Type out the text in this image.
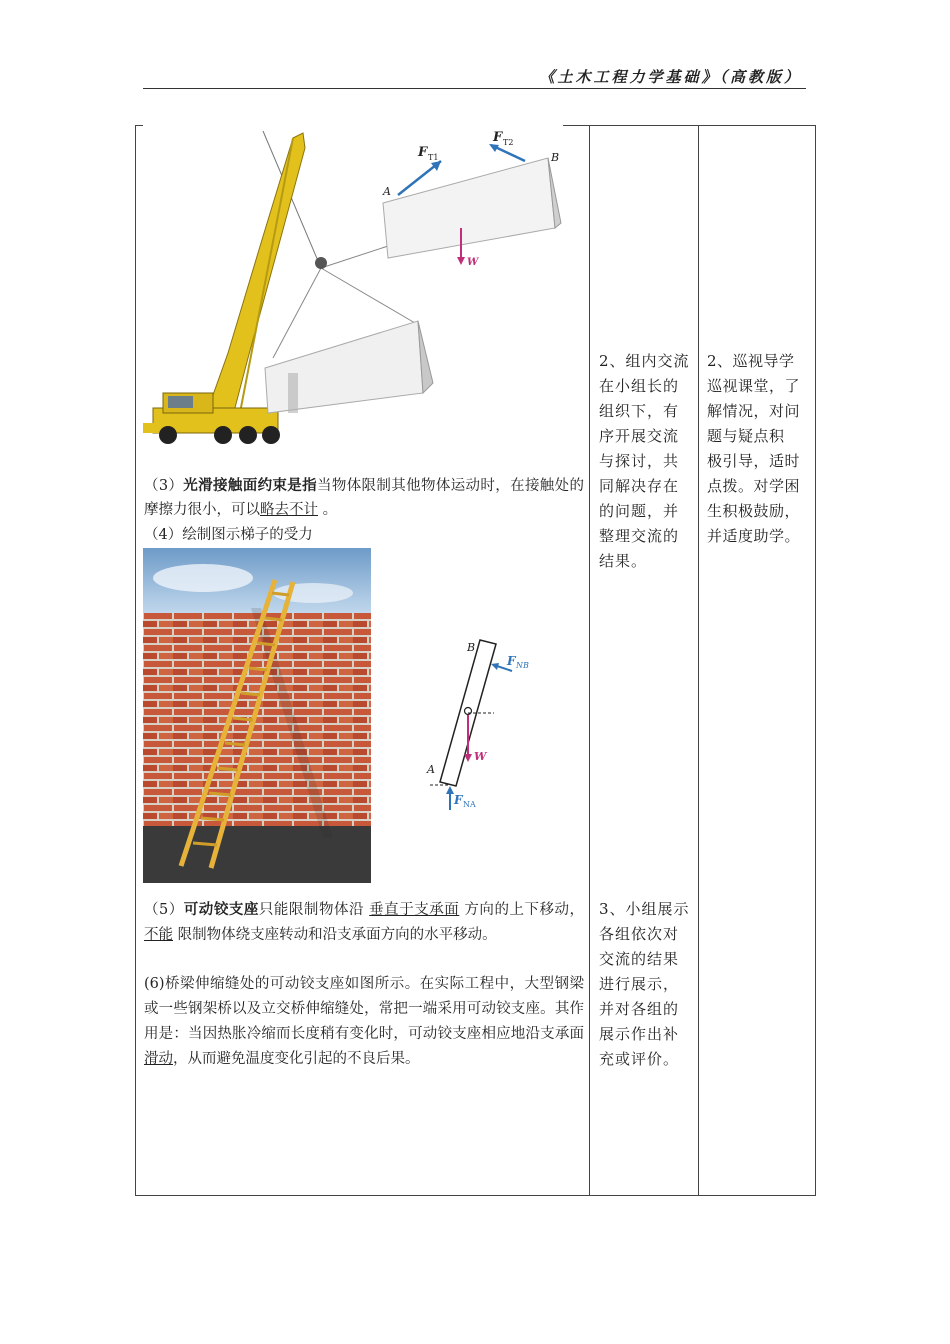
《土木工程力学基础》（高教版）
F T1
F T2
W
A
B
（3）光滑接触面约束是指当物体限制其他物体运动时，在接触处的摩擦力很小，可以略去不计 。
（4）绘制图示梯子的受力
B
A
F NB
W
F NA
（5）可动铰支座只能限制物体沿 垂直于支承面 方向的上下移动， 不能 限制物体绕支座转动和沿支承面方向的水平移动。
(6)桥梁伸缩缝处的可动铰支座如图所示。在实际工程中，大型钢梁或一些钢架桥以及立交桥伸缩缝处，常把一端采用可动铰支座。其作用是：当因热胀冷缩而长度稍有变化时，可动铰支座相应地沿支承面滑动，从而避免温度变化引起的不良后果。
2、组内交流
在小组长的
组织下，有
序开展交流
与探讨，共
同解决存在
的问题，并
整理交流的
结果。
3、小组展示
各组依次对
交流的结果
进行展示，
并对各组的
展示作出补
充或评价。
2、巡视导学
巡视课堂，了
解情况，对问
题与疑点积
极引导，适时
点拨。对学困
生积极鼓励，
并适度助学。
